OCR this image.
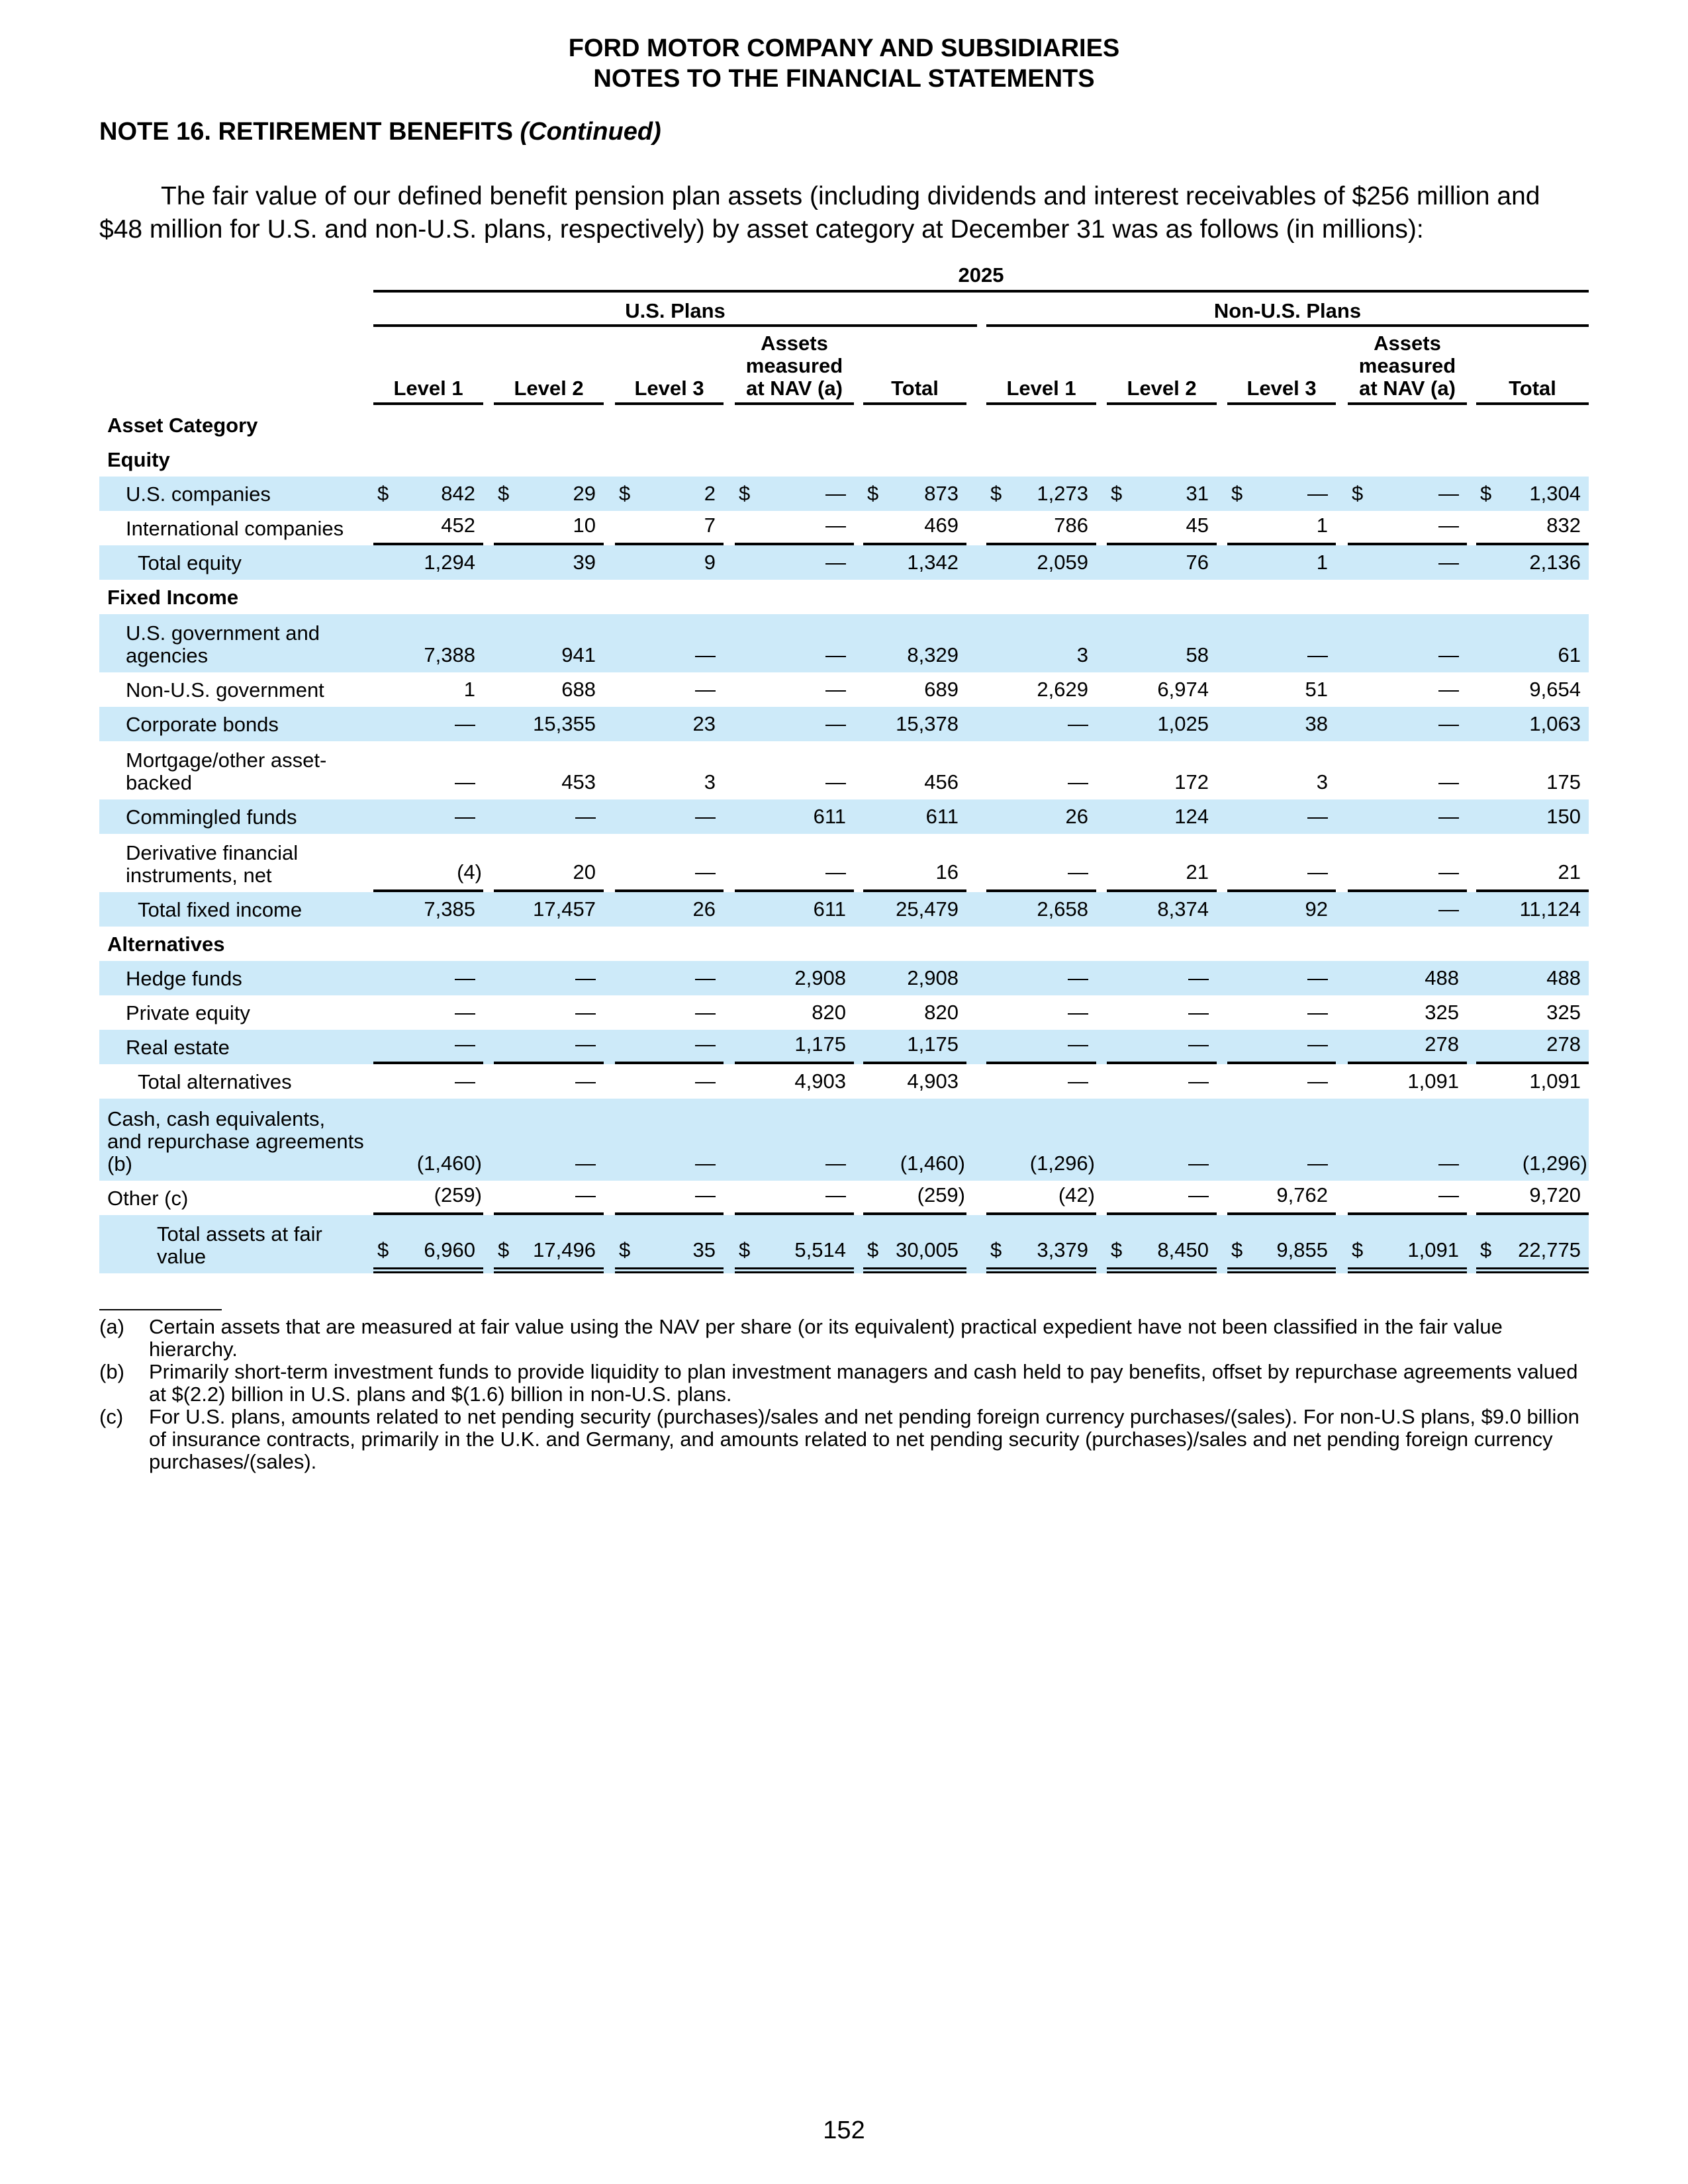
FORD MOTOR COMPANY AND SUBSIDIARIES
NOTES TO THE FINANCIAL STATEMENTS
NOTE 16. RETIREMENT BENEFITS (Continued)
The fair value of our defined benefit pension plan assets (including dividends and interest receivables of $256 million and $48 million for U.S. and non-U.S. plans, respectively) by asset category at December 31 was as follows (in millions):
2025
U.S. Plans	Non-U.S. Plans
Level 1	Level 2	Level 3
Assets measured at NAV (a)	Total	Level 1	Level 2	Level 3
Assets measured at NAV (a)	Total
Asset Category
Equity
U.S. companies	$	842 $	29 $	2 $	— $ 873 $ 1,273 $	31 $	— $	— $ 1,304
International companies	452	10	7	—	469	786	45	1	—	832
Total equity	1,294	39	9	—	1,342	2,059	76	1	—	2,136
Fixed Income
U.S. government and agencies	7,388	941	—	—	8,329	3	58	—	—	61
Non-U.S. government	1	688	—	—	689	2,629	6,974	51	—	9,654
Corporate bonds	—	15,355	23	— 15,378	—	1,025	38	—	1,063
Mortgage/other asset-backed	—	453	3	—	456	—	172	3	—	175
Commingled funds	—	—	—	611	611	26	124	—	—	150
Derivative financial instruments, net	(4)	20	—	—	16	—	21	—	—	21
Total fixed income	7,385	17,457	26	611 25,479	2,658	8,374	92	—	11,124
Alternatives
Hedge funds	—	—	—	2,908	2,908	—	—	—	488	488
Private equity	—	—	—	820	820	—	—	—	325	325
Real estate	—	—	—	1,175	1,175	—	—	—	278	278
Total alternatives	—	—	—	4,903	4,903	—	—	—	1,091	1,091
Cash, cash equivalents, and repurchase agreements (b)	(1,460)	—	—	—	(1,460)	(1,296)	—	—	—	(1,296)
Other (c)	(259)	—	—	—	(259)	(42)	—	9,762	—	9,720
Total assets at fair value	$ 6,960 $ 17,496 $	35 $ 5,514 $ 30,005 $ 3,379 $ 8,450 $ 9,855 $ 1,091 $ 22,775
(a) Certain assets that are measured at fair value using the NAV per share (or its equivalent) practical expedient have not been classified in the fair value hierarchy.
(b) Primarily short-term investment funds to provide liquidity to plan investment managers and cash held to pay benefits, offset by repurchase agreements valued at $(2.2) billion in U.S. plans and $(1.6) billion in non-U.S. plans.
(c) For U.S. plans, amounts related to net pending security (purchases)/sales and net pending foreign currency purchases/(sales). For non-U.S plans, $9.0 billion of insurance contracts, primarily in the U.K. and Germany, and amounts related to net pending security (purchases)/sales and net pending foreign currency purchases/(sales).
152
